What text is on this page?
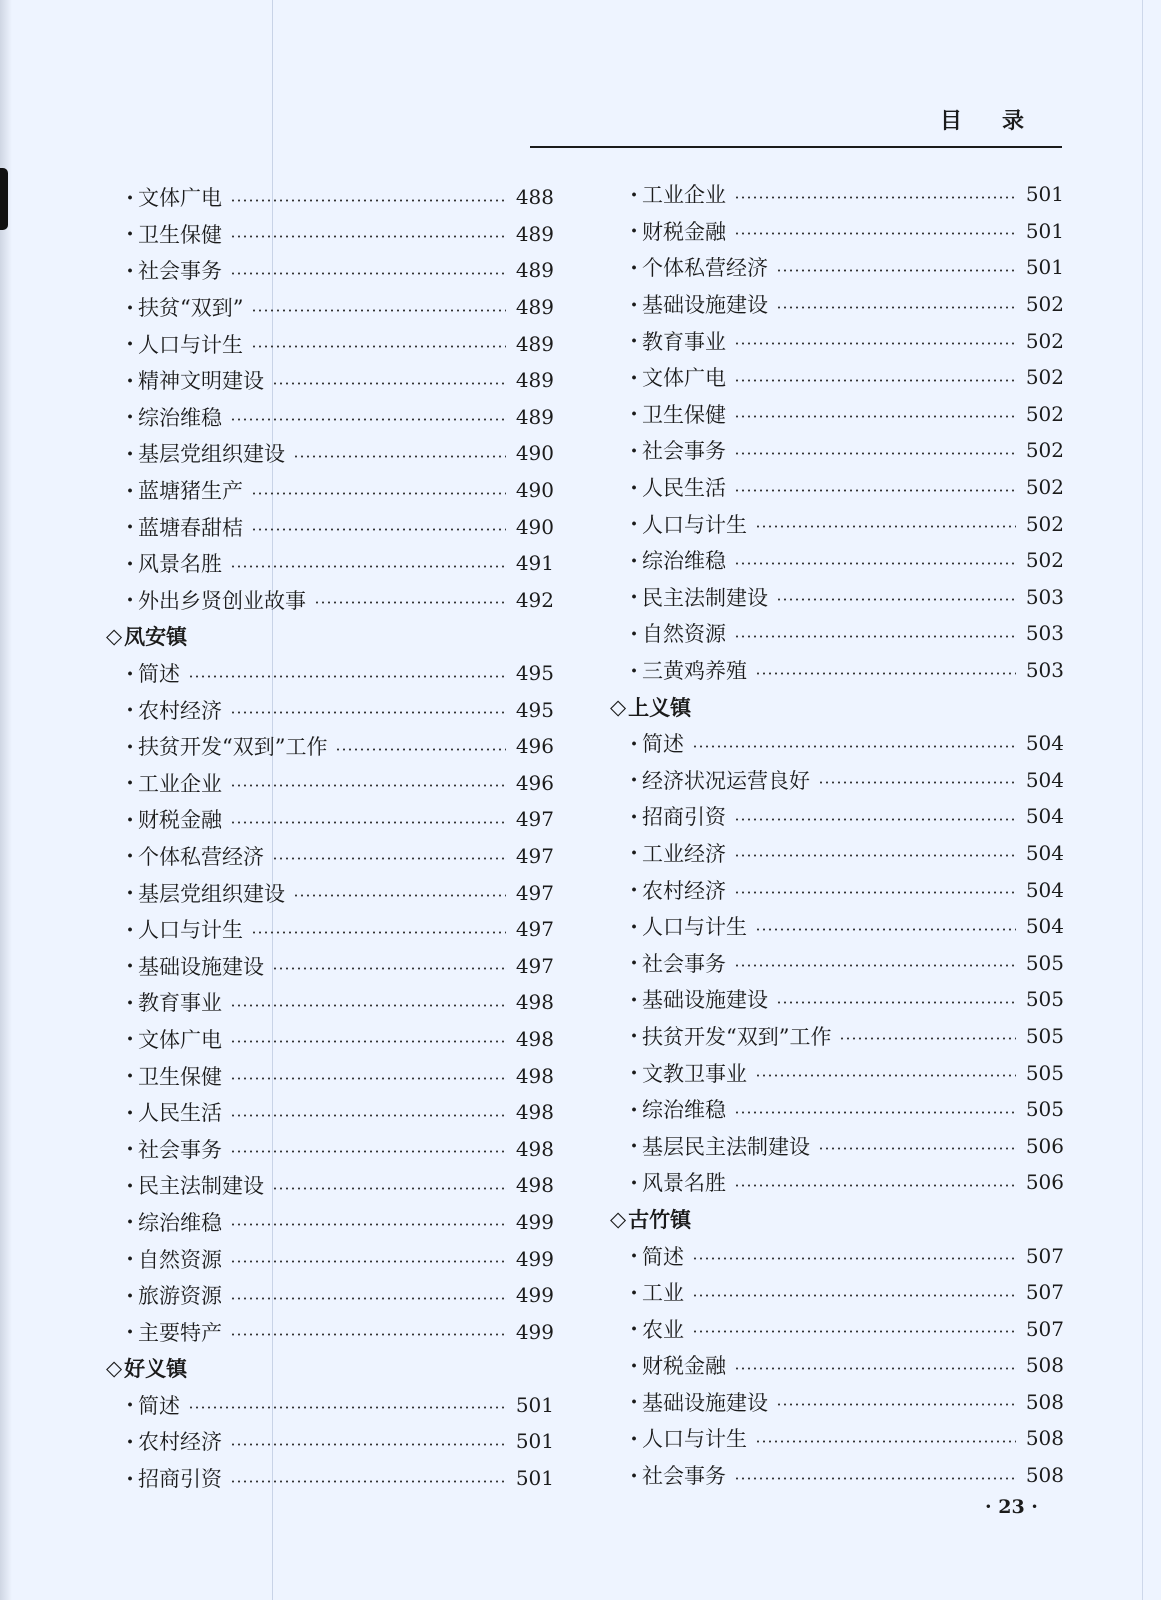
目录
· 文体广电	488
· 卫生保健	489
· 社会事务	489
· 扶贫“双到”	489
· 人口与计生	489
· 精神文明建设	489
· 综治维稳	489
· 基层党组织建设	490
· 蓝塘猪生产	490
· 蓝塘春甜桔	490
· 风景名胜	491
· 外出乡贤创业故事	492
◇ 凤安镇
· 简述	495
· 农村经济	495
· 扶贫开发“双到”工作	496
· 工业企业	496
· 财税金融	497
· 个体私营经济	497
· 基层党组织建设	497
· 人口与计生	497
· 基础设施建设	497
· 教育事业	498
· 文体广电	498
· 卫生保健	498
· 人民生活	498
· 社会事务	498
· 民主法制建设	498
· 综治维稳	499
· 自然资源	499
· 旅游资源	499
· 主要特产	499
◇ 好义镇
· 简述	501
· 农村经济	501
· 招商引资	501
· 工业企业	501
· 财税金融	501
· 个体私营经济	501
· 基础设施建设	502
· 教育事业	502
· 文体广电	502
· 卫生保健	502
· 社会事务	502
· 人民生活	502
· 人口与计生	502
· 综治维稳	502
· 民主法制建设	503
· 自然资源	503
· 三黄鸡养殖	503
◇ 上义镇
· 简述	504
· 经济状况运营良好	504
· 招商引资	504
· 工业经济	504
· 农村经济	504
· 人口与计生	504
· 社会事务	505
· 基础设施建设	505
· 扶贫开发“双到”工作	505
· 文教卫事业	505
· 综治维稳	505
· 基层民主法制建设	506
· 风景名胜	506
◇ 古竹镇
· 简述	507
· 工业	507
· 农业	507
· 财税金融	508
· 基础设施建设	508
· 人口与计生	508
· 社会事务	508
· 23 ·
